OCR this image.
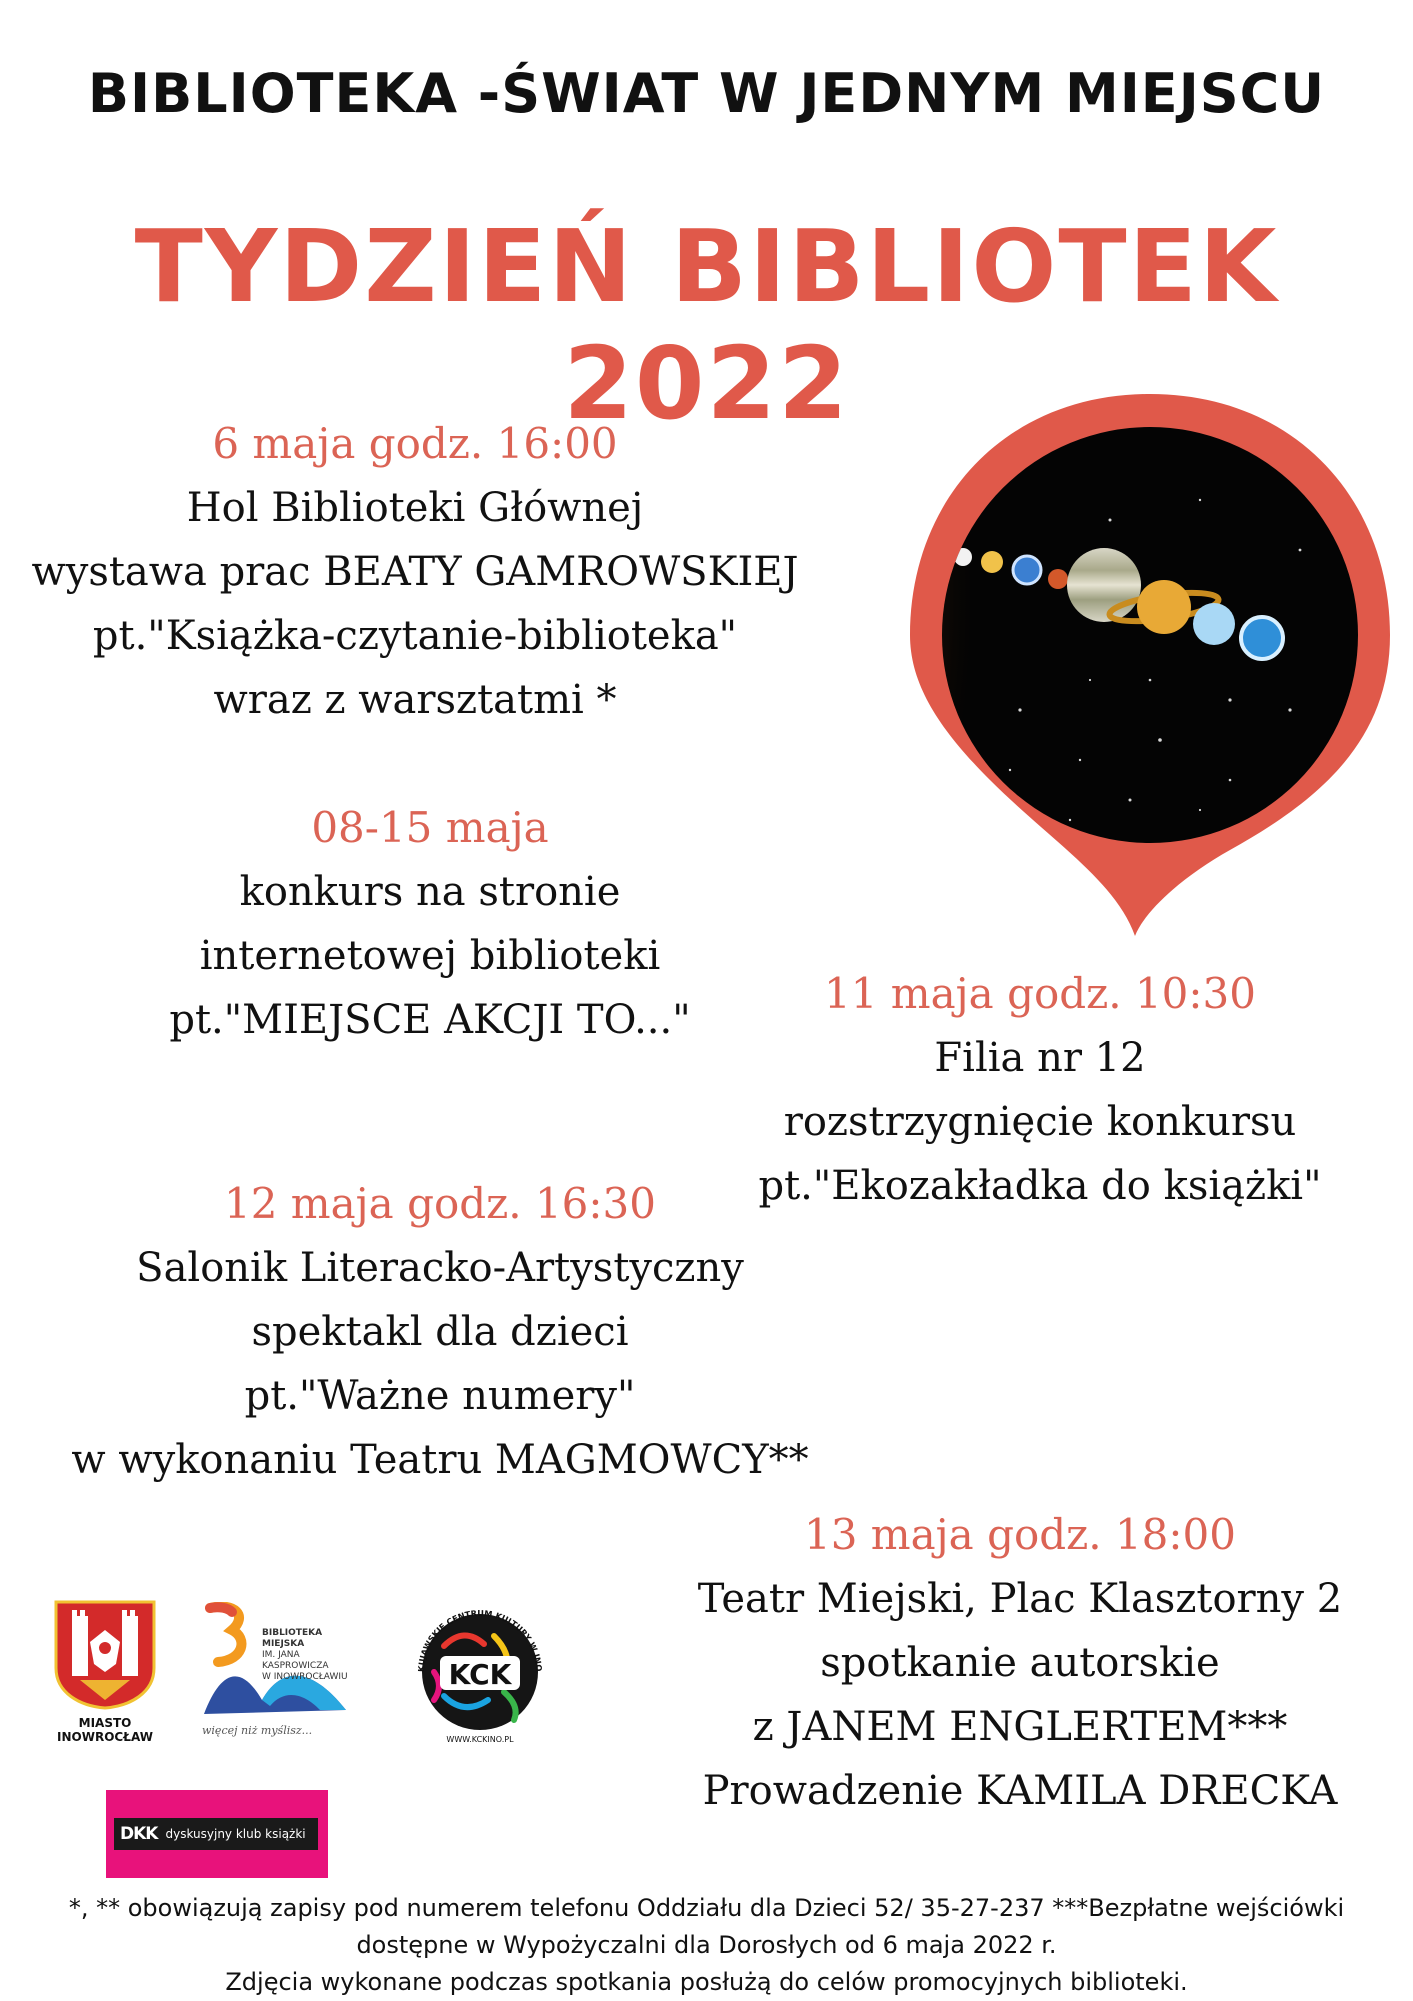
BIBLIOTEKA -ŚWIAT W JEDNYM MIEJSCU
TYDZIEŃ BIBLIOTEK 2022
6 maja godz. 16:00
Hol Biblioteki Głównej
wystawa prac BEATY GAMROWSKIEJ
pt."Książka-czytanie-biblioteka"
wraz z warsztatmi *
08-15 maja
konkurs na stronie
internetowej biblioteki
pt."MIEJSCE AKCJI TO..."
11 maja godz. 10:30
Filia nr 12
rozstrzygnięcie konkursu
pt."Ekozakładka do książki"
12 maja godz. 16:30
Salonik Literacko-Artystyczny
spektakl dla dzieci
pt."Ważne numery"
w wykonaniu Teatru MAGMOWCY**
13 maja godz. 18:00
Teatr Miejski, Plac Klasztorny 2
spotkanie autorskie
z JANEM ENGLERTEM***
Prowadzenie KAMILA DRECKA
MIASTO
INOWROCŁAW
BIBLIOTEKA MIEJSKA
IM. JANA KASPROWICZA
W INOWROCŁAWIU
więcej niż myślisz...
KCK
KUJAWSKIE CENTRUM KULTURY W INO
WWW.KCKINO.PL
DKK dyskusyjny klub książki
*, ** obowiązują zapisy pod numerem telefonu Oddziału dla Dzieci 52/ 35-27-237 ***Bezpłatne wejściówki
dostępne w Wypożyczalni dla Dorosłych od 6 maja 2022 r.
Zdjęcia wykonane podczas spotkania posłużą do celów promocyjnych biblioteki.
